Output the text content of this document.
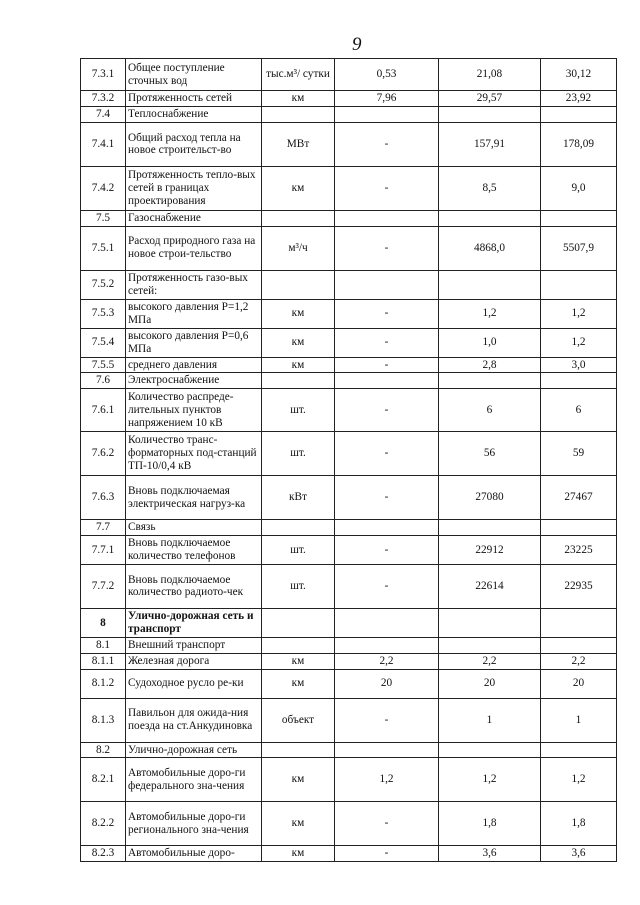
9
7.3.1	Общее поступление сточных вод	тыс.м³/ сутки	0,53	21,08	30,12
7.3.2	Протяженность сетей	км	7,96	29,57	23,92
7.4	Теплоснабжение				
7.4.1	Общий расход тепла на новое строительст-во	МВт	-	157,91	178,09
7.4.2	Протяженность тепло-вых сетей в границах проектирования	км	-	8,5	9,0
7.5	Газоснабжение				
7.5.1	Расход природного газа на новое строи-тельство	м³/ч	-	4868,0	5507,9
7.5.2	Протяженность газо-вых сетей:				
7.5.3	высокого давления Р=1,2 МПа	км	-	1,2	1,2
7.5.4	высокого давления Р=0,6 МПа	км	-	1,0	1,2
7.5.5	среднего давления	км	-	2,8	3,0
7.6	Электроснабжение				
7.6.1	Количество распреде-лительных пунктов напряжением 10 кВ	шт.	-	6	6
7.6.2	Количество транс-форматорных под-станций ТП-10/0,4 кВ	шт.	-	56	59
7.6.3	Вновь подключаемая электрическая нагруз-ка	кВт	-	27080	27467
7.7	Связь				
7.7.1	Вновь подключаемое количество телефонов	шт.	-	22912	23225
7.7.2	Вновь подключаемое количество радиото-чек	шт.	-	22614	22935
8	Улично-дорожная сеть и транспорт				
8.1	Внешний транспорт				
8.1.1	Железная дорога	км	2,2	2,2	2,2
8.1.2	Судоходное русло ре-ки	км	20	20	20
8.1.3	Павильон для ожида-ния поезда на ст.Анкудиновка	объект	-	1	1
8.2	Улично-дорожная сеть				
8.2.1	Автомобильные доро-ги федерального зна-чения	км	1,2	1,2	1,2
8.2.2	Автомобильные доро-ги регионального зна-чения	км	-	1,8	1,8
8.2.3	Автомобильные доро-	км	-	3,6	3,6
